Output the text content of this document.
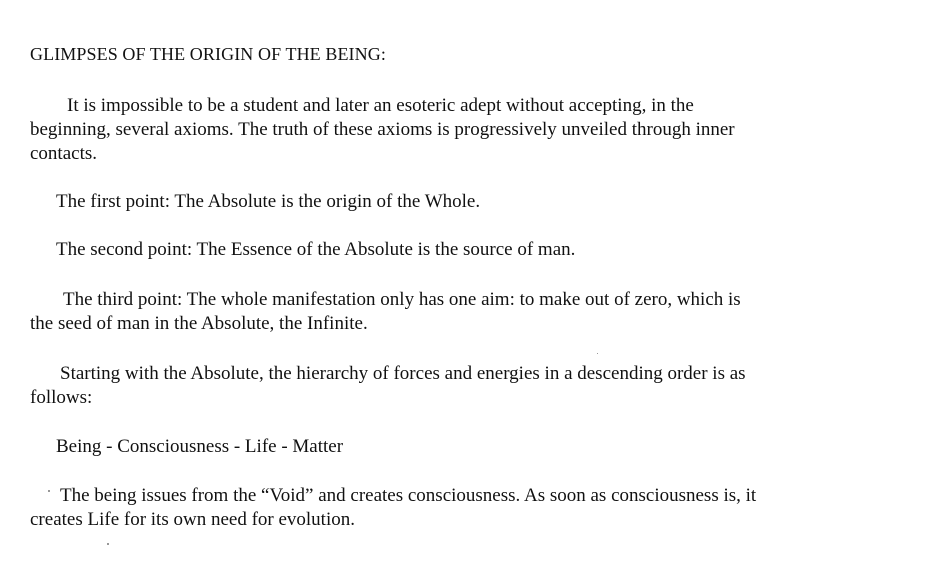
GLIMPSES OF THE ORIGIN OF THE BEING:
It is impossible to be a student and later an esoteric adept without accepting, in the
beginning, several axioms. The truth of these axioms is progressively unveiled through inner
contacts.
The first point: The Absolute is the origin of the Whole.
The second point: The Essence of the Absolute is the source of man.
The third point: The whole manifestation only has one aim: to make out of zero, which is
the seed of man in the Absolute, the Infinite.
Starting with the Absolute, the hierarchy of forces and energies in a descending order is as
follows:
Being - Consciousness - Life - Matter
The being issues from the “Void” and creates consciousness. As soon as consciousness is, it
creates Life for its own need for evolution.
